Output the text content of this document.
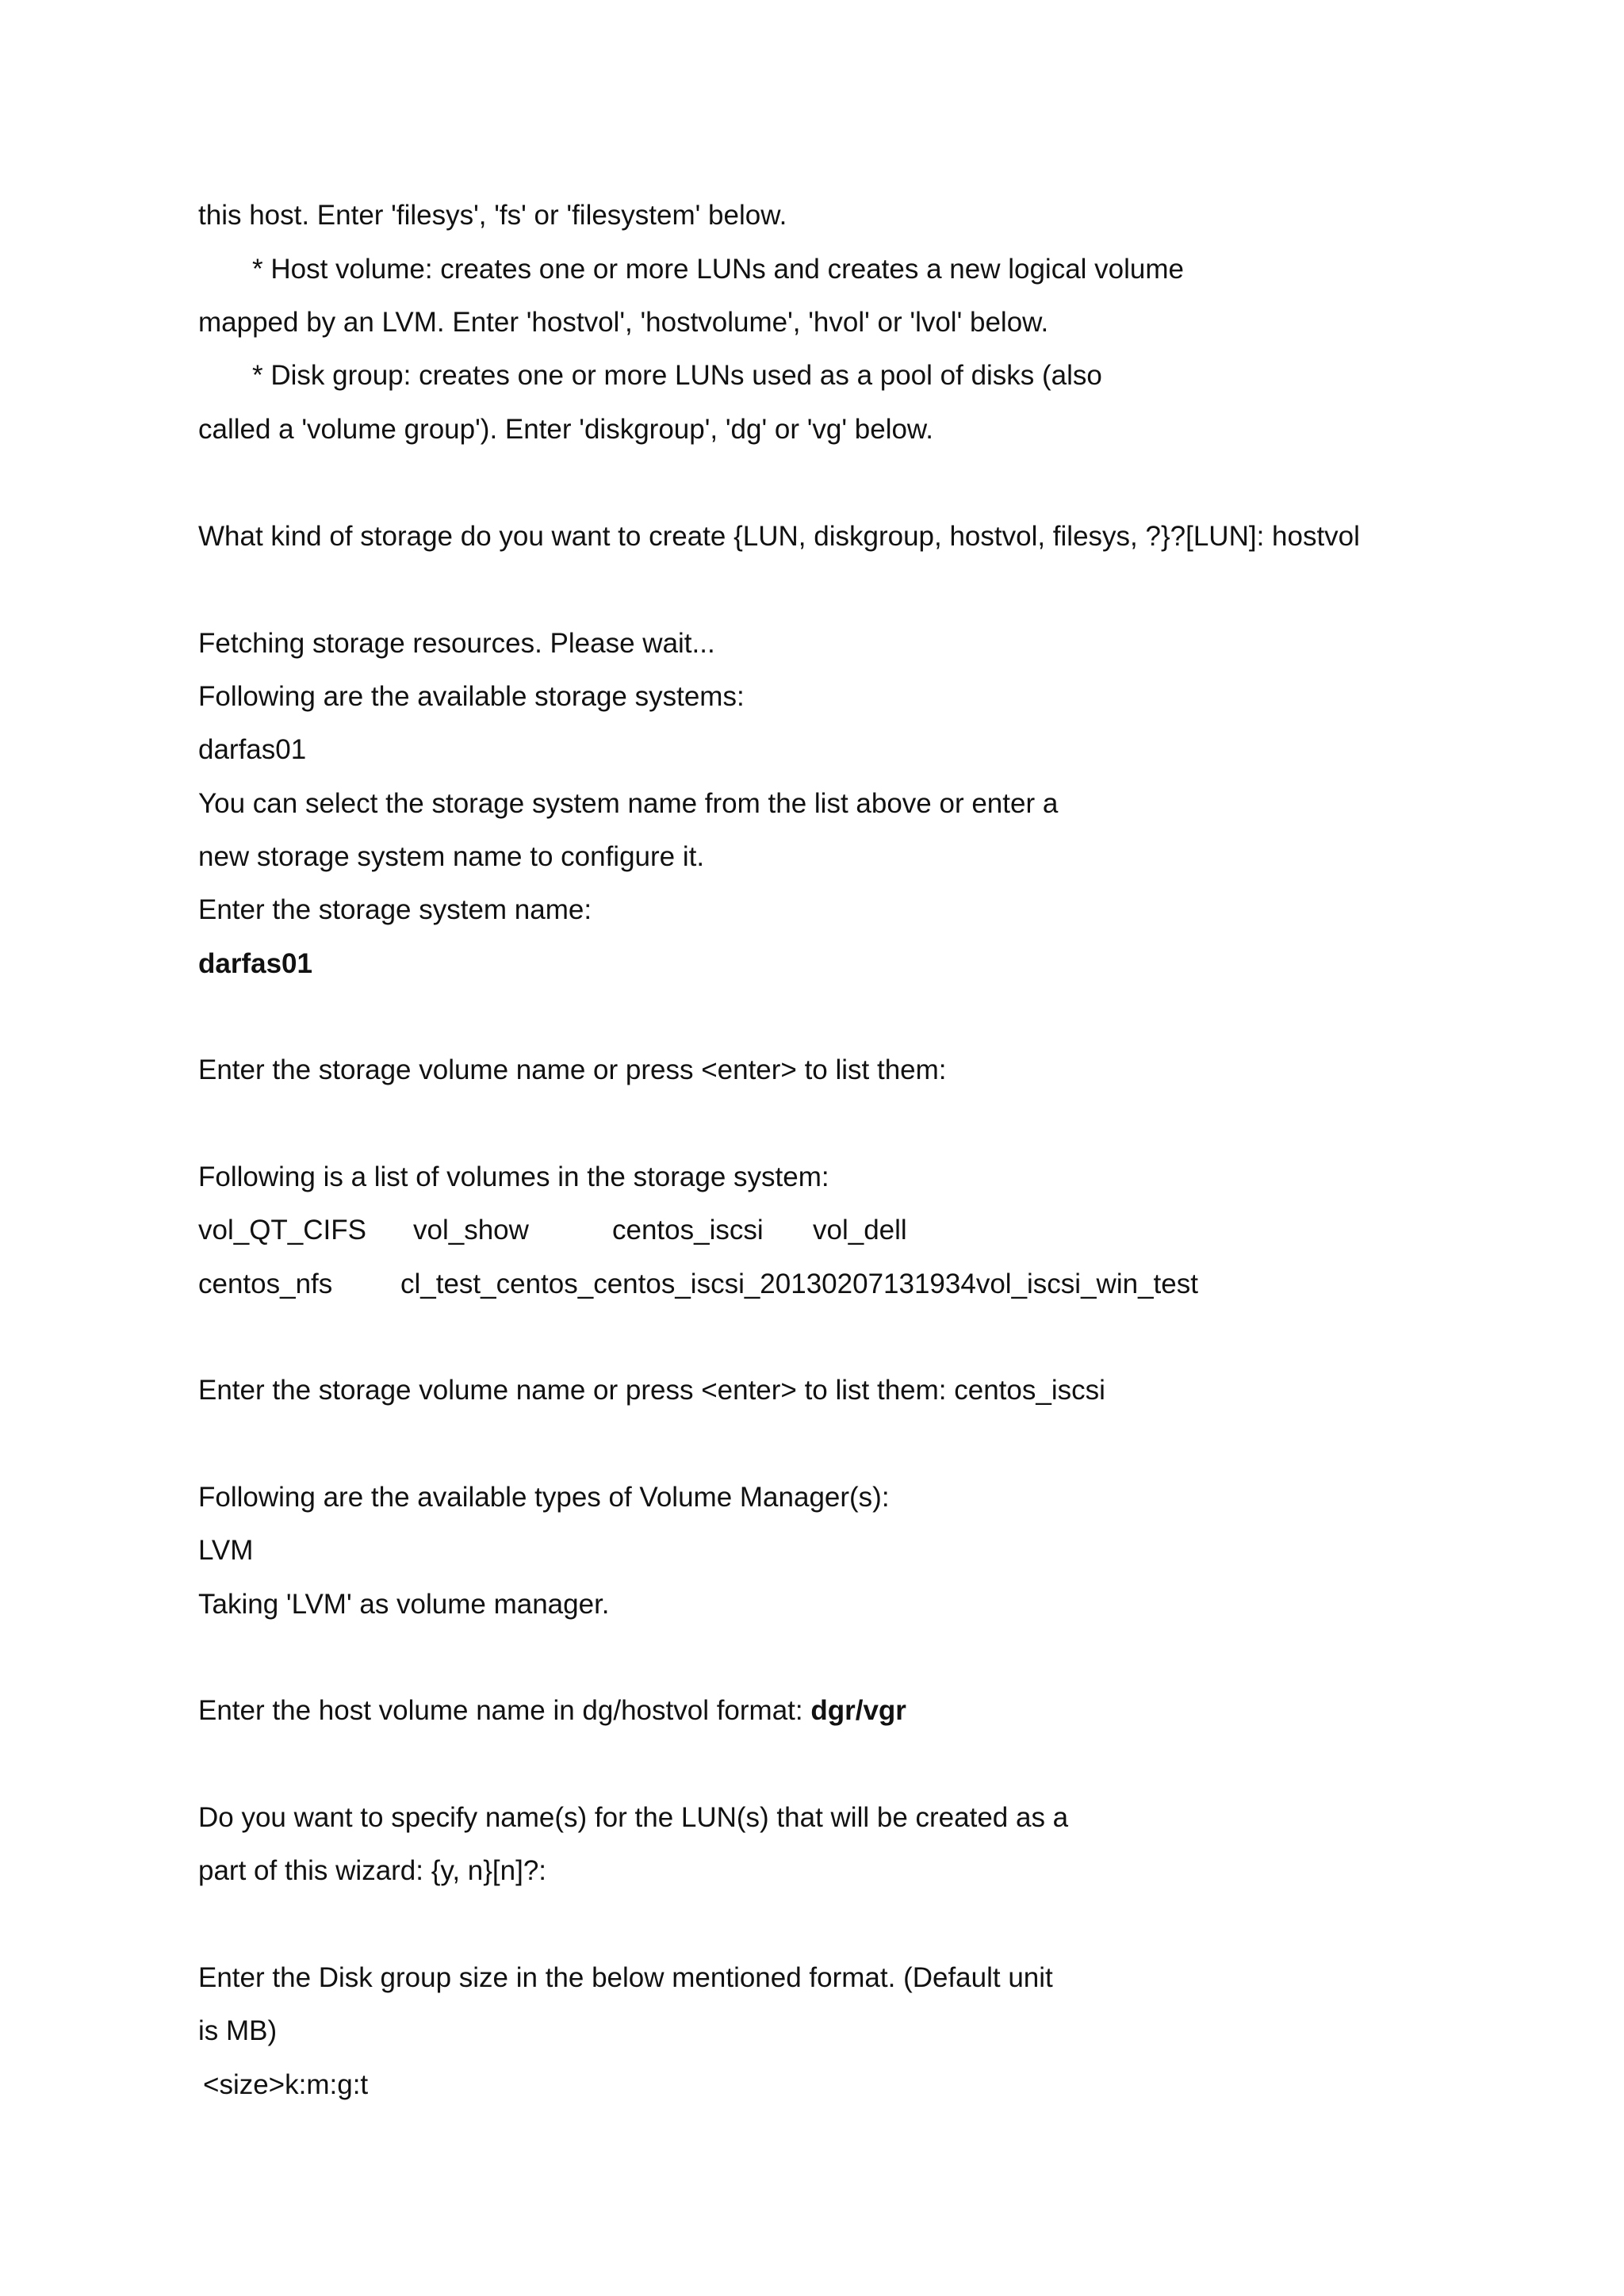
this host. Enter 'filesys', 'fs' or 'filesystem' below.
* Host volume: creates one or more LUNs and creates a new logical volume
mapped by an LVM. Enter 'hostvol', 'hostvolume', 'hvol' or 'lvol' below.
* Disk group: creates one or more LUNs used as a pool of disks (also
called a 'volume group'). Enter 'diskgroup', 'dg' or 'vg' below.
What kind of storage do you want to create {LUN, diskgroup, hostvol, filesys, ?}?[LUN]: hostvol
Fetching storage resources. Please wait...
Following are the available storage systems:
darfas01
You can select the storage system name from the list above or enter a
new storage system name to configure it.
Enter the storage system name:
darfas01
Enter the storage volume name or press <enter> to list them:
Following is a list of volumes in the storage system:
vol_QT_CIFS vol_show	centos_iscsi vol_dell
centos_nfs cl_test_centos_centos_iscsi_20130207131934vol_iscsi_win_test
Enter the storage volume name or press <enter> to list them: centos_iscsi
Following are the available types of Volume Manager(s):
LVM
Taking 'LVM' as volume manager.
Enter the host volume name in dg/hostvol format: dgr/vgr
Do you want to specify name(s) for the LUN(s) that will be created as a
part of this wizard: {y, n}[n]?:
Enter the Disk group size in the below mentioned format. (Default unit
is MB)
<size>k:m:g:t
